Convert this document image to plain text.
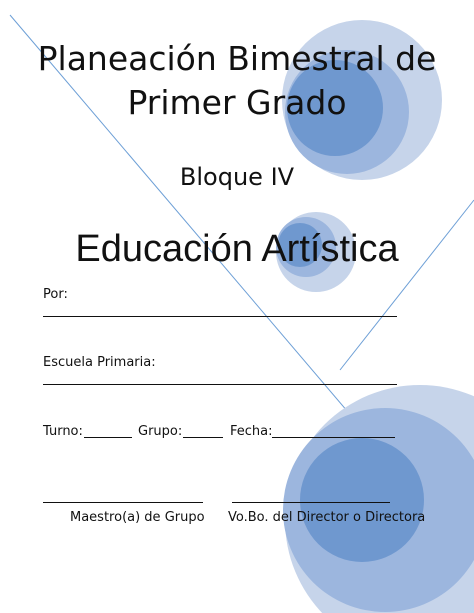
Planeación Bimestral de
Primer Grado
Bloque IV
Educación Artística
Por:
Escuela Primaria:
Turno:	Grupo:	Fecha:
Maestro(a) de Grupo Vo.Bo. del Director o Directora
